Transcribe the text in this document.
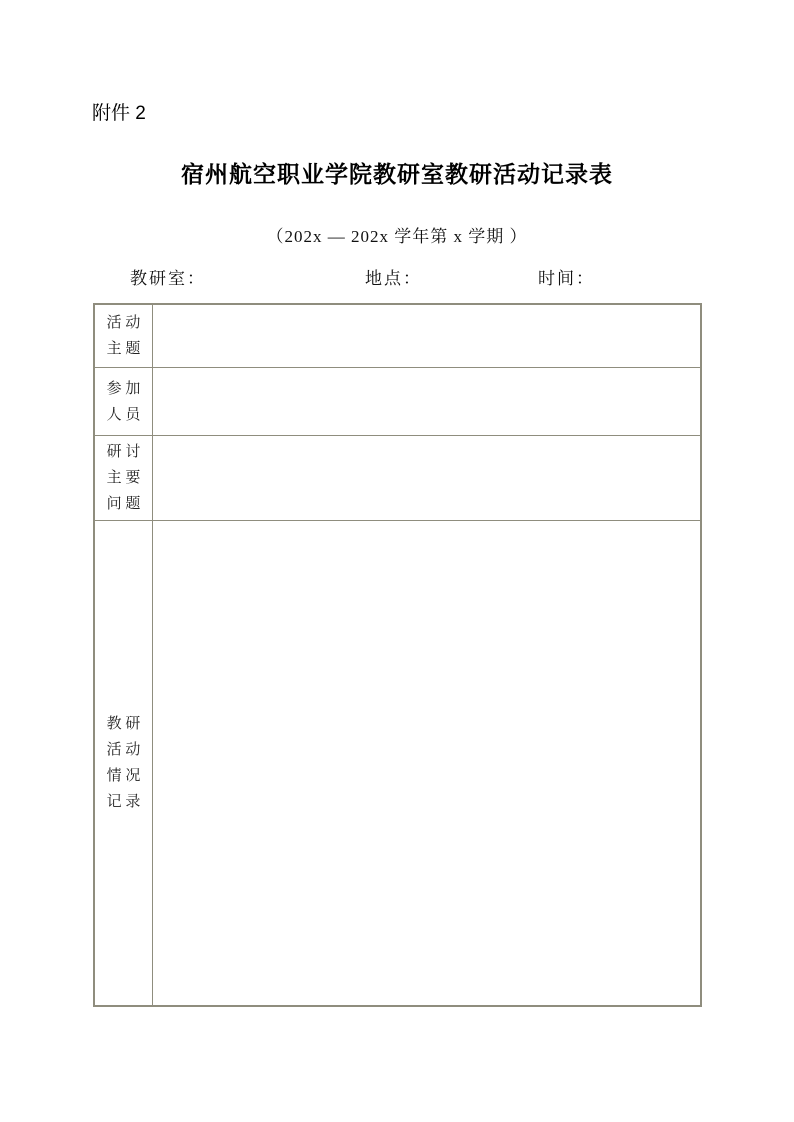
附件 2
宿州航空职业学院教研室教研活动记录表
（202x — 202x 学年第 x 学期 ）
教研室：	地点：	时间：
活 动
主 题
参 加
人 员
研 讨
主 要
问 题
教 研
活 动
情 况
记 录
